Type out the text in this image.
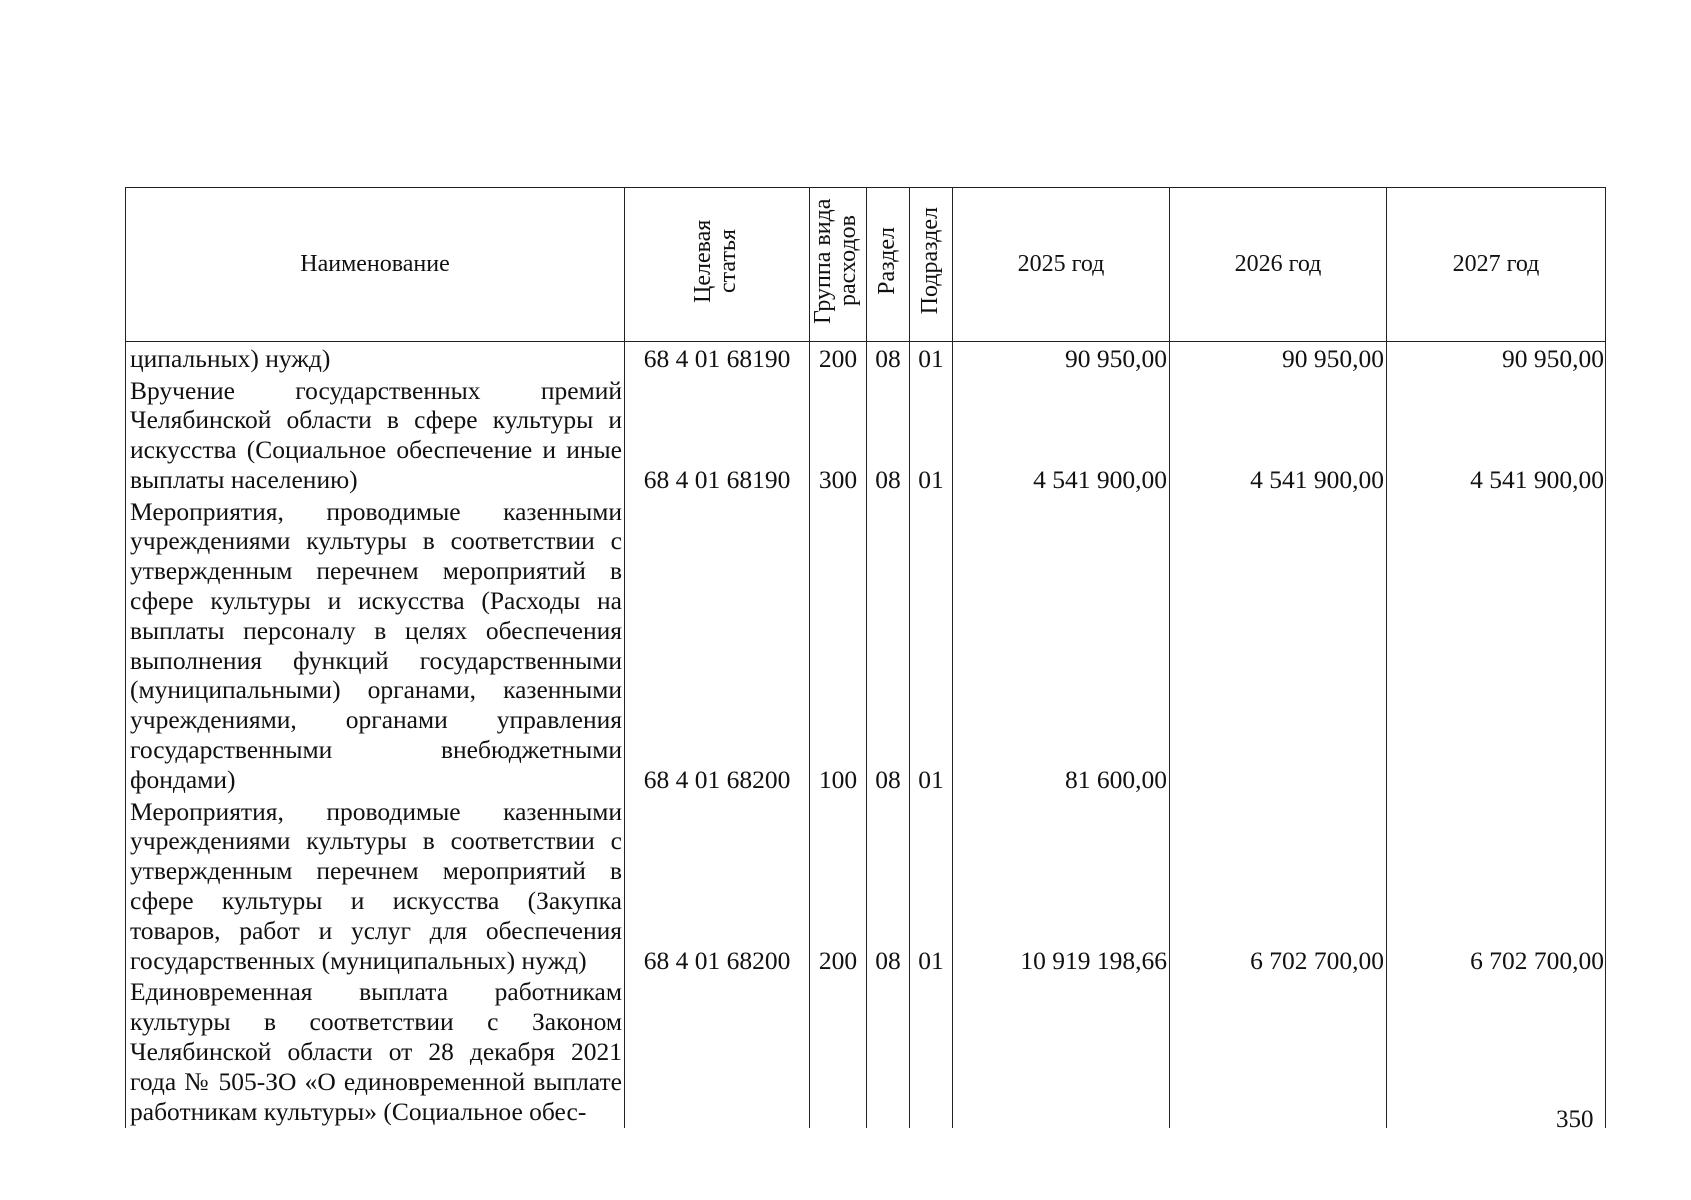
Наименование	Целевая статья	Группа вида расходов	Раздел	Подраздел	2025 год	2026 год	2027 год
ципальных) нужд)	68 4 01 68190	200	08	01	90 950,00	90 950,00	90 950,00
Вручение государственных премий Челябинской области в сфере культуры и искусства (Социальное обеспечение и иные выплаты населению)	68 4 01 68190	300	08	01	4 541 900,00	4 541 900,00	4 541 900,00
Мероприятия, проводимые казенными учреждениями культуры в соответствии с утвержденным перечнем мероприятий в сфере культуры и искусства (Расходы на выплаты персоналу в целях обеспечения выполнения функций государственными (муниципальными) органами, казенными учреждениями, органами управления государственными внебюджетными фондами)	68 4 01 68200	100	08	01	81 600,00		
Мероприятия, проводимые казенными учреждениями культуры в соответствии с утвержденным перечнем мероприятий в сфере культуры и искусства (Закупка товаров, работ и услуг для обеспечения государственных (муниципальных) нужд)	68 4 01 68200	200	08	01	10 919 198,66	6 702 700,00	6 702 700,00
Единовременная выплата работникам культуры в соответствии с Законом Челябинской области от 28 декабря 2021 года № 505-ЗО «О единовременной выплате работникам культуры» (Социальное обес-								350
